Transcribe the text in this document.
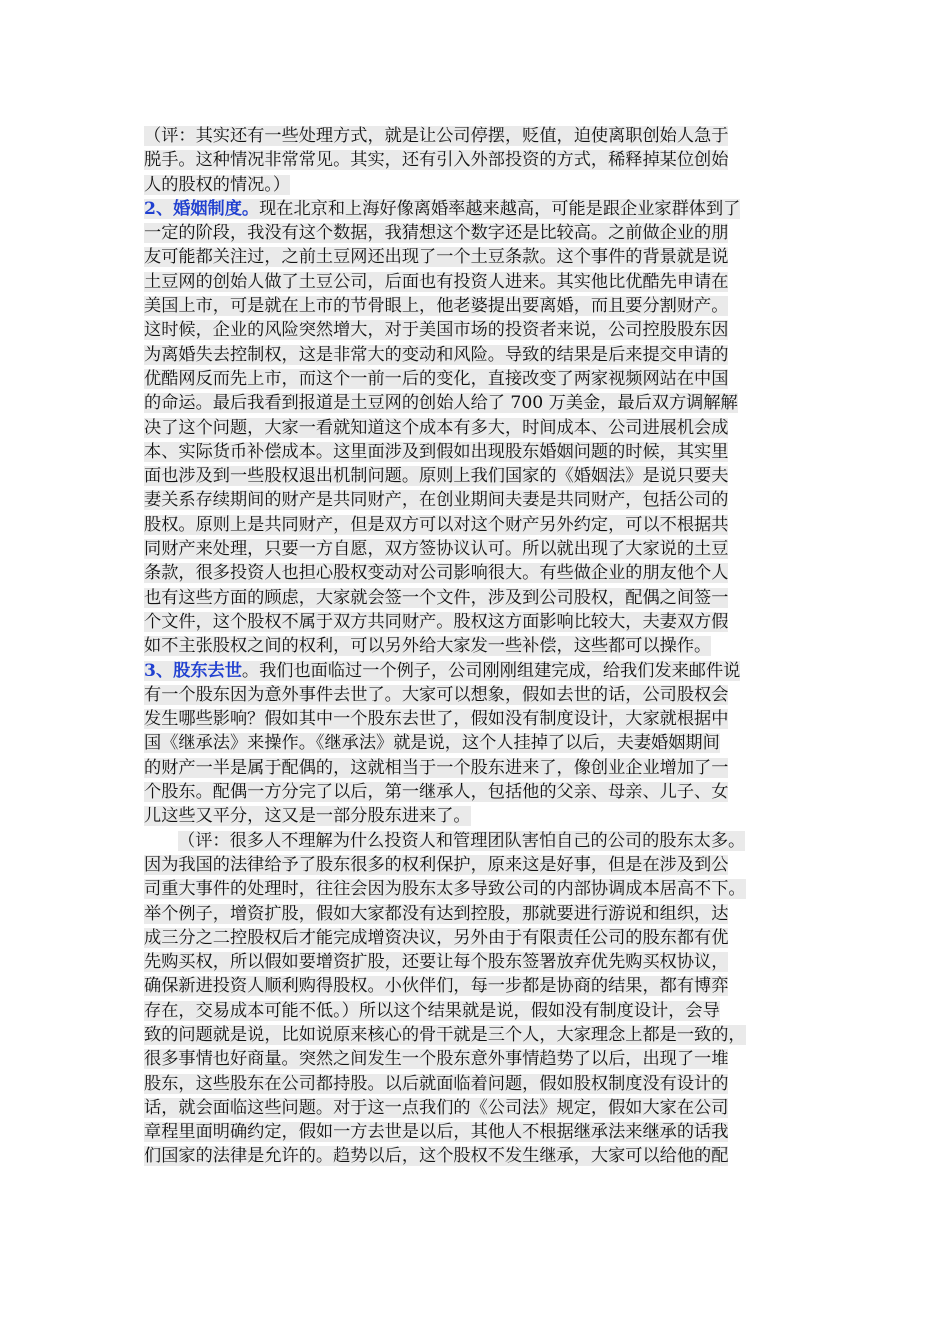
（评：其实还有一些处理方式，就是让公司停摆，贬值，迫使离职创始人急于
脱手。这种情况非常常见。其实，还有引入外部投资的方式，稀释掉某位创始
人的股权的情况。）
2、婚姻制度。现在北京和上海好像离婚率越来越高，可能是跟企业家群体到了
一定的阶段，我没有这个数据，我猜想这个数字还是比较高。之前做企业的朋
友可能都关注过，之前土豆网还出现了一个土豆条款。这个事件的背景就是说
土豆网的创始人做了土豆公司，后面也有投资人进来。其实他比优酷先申请在
美国上市，可是就在上市的节骨眼上，他老婆提出要离婚，而且要分割财产。
这时候，企业的风险突然增大，对于美国市场的投资者来说，公司控股股东因
为离婚失去控制权，这是非常大的变动和风险。导致的结果是后来提交申请的
优酷网反而先上市，而这个一前一后的变化，直接改变了两家视频网站在中国
的命运。最后我看到报道是土豆网的创始人给了 700 万美金，最后双方调解解
决了这个问题，大家一看就知道这个成本有多大，时间成本、公司进展机会成
本、实际货币补偿成本。这里面涉及到假如出现股东婚姻问题的时候，其实里
面也涉及到一些股权退出机制问题。原则上我们国家的《婚姻法》是说只要夫
妻关系存续期间的财产是共同财产，在创业期间夫妻是共同财产，包括公司的
股权。原则上是共同财产，但是双方可以对这个财产另外约定，可以不根据共
同财产来处理，只要一方自愿，双方签协议认可。所以就出现了大家说的土豆
条款，很多投资人也担心股权变动对公司影响很大。有些做企业的朋友他个人
也有这些方面的顾虑，大家就会签一个文件，涉及到公司股权，配偶之间签一
个文件，这个股权不属于双方共同财产。股权这方面影响比较大，夫妻双方假
如不主张股权之间的权利，可以另外给大家发一些补偿，这些都可以操作。
3、股东去世。我们也面临过一个例子，公司刚刚组建完成，给我们发来邮件说
有一个股东因为意外事件去世了。大家可以想象，假如去世的话，公司股权会
发生哪些影响？假如其中一个股东去世了，假如没有制度设计，大家就根据中
国《继承法》来操作。《继承法》就是说，这个人挂掉了以后，夫妻婚姻期间
的财产一半是属于配偶的，这就相当于一个股东进来了，像创业企业增加了一
个股东。配偶一方分完了以后，第一继承人，包括他的父亲、母亲、儿子、女
儿这些又平分，这又是一部分股东进来了。
（评：很多人不理解为什么投资人和管理团队害怕自己的公司的股东太多。
因为我国的法律给予了股东很多的权利保护，原来这是好事，但是在涉及到公
司重大事件的处理时，往往会因为股东太多导致公司的内部协调成本居高不下。
举个例子，增资扩股，假如大家都没有达到控股，那就要进行游说和组织，达
成三分之二控股权后才能完成增资决议，另外由于有限责任公司的股东都有优
先购买权，所以假如要增资扩股，还要让每个股东签署放弃优先购买权协议，
确保新进投资人顺利购得股权。小伙伴们，每一步都是协商的结果，都有博弈
存在，交易成本可能不低。）所以这个结果就是说，假如没有制度设计，会导
致的问题就是说，比如说原来核心的骨干就是三个人，大家理念上都是一致的，
很多事情也好商量。突然之间发生一个股东意外事情趋势了以后，出现了一堆
股东，这些股东在公司都持股。以后就面临着问题，假如股权制度没有设计的
话，就会面临这些问题。对于这一点我们的《公司法》规定，假如大家在公司
章程里面明确约定，假如一方去世是以后，其他人不根据继承法来继承的话我
们国家的法律是允许的。趋势以后，这个股权不发生继承，大家可以给他的配
